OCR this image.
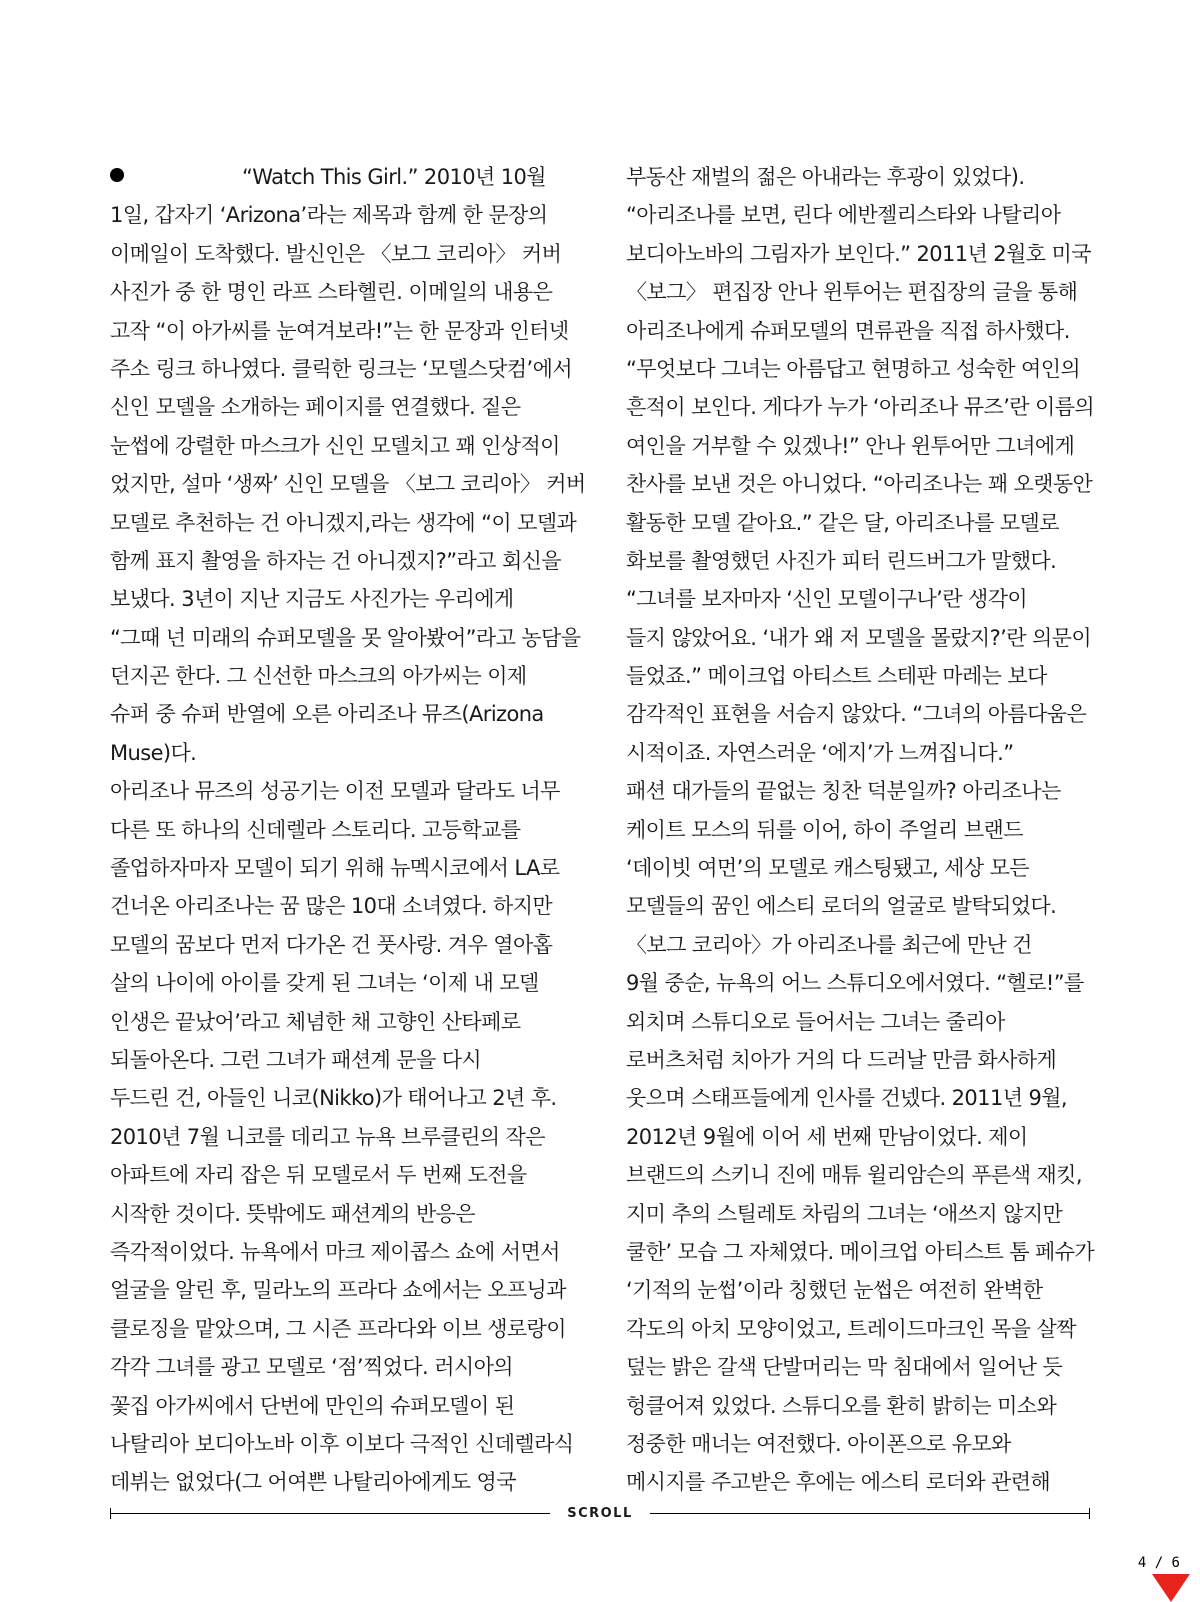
“Watch This Girl.” 2010년 10월
1일, 갑자기 ‘Arizona’라는 제목과 함께 한 문장의
이메일이 도착했다. 발신인은 〈보그 코리아〉 커버
사진가 중 한 명인 라프 스타헬린. 이메일의 내용은
고작 “이 아가씨를 눈여겨보라!”는 한 문장과 인터넷
주소 링크 하나였다. 클릭한 링크는 ‘모델스닷컴’에서
신인 모델을 소개하는 페이지를 연결했다. 짙은
눈썹에 강렬한 마스크가 신인 모델치고 꽤 인상적이
었지만, 설마 ‘생짜’ 신인 모델을 〈보그 코리아〉 커버
모델로 추천하는 건 아니겠지,라는 생각에 “이 모델과
함께 표지 촬영을 하자는 건 아니겠지?”라고 회신을
보냈다. 3년이 지난 지금도 사진가는 우리에게
“그때 넌 미래의 슈퍼모델을 못 알아봤어”라고 농담을
던지곤 한다. 그 신선한 마스크의 아가씨는 이제
슈퍼 중 슈퍼 반열에 오른 아리조나 뮤즈(Arizona
Muse)다.
아리조나 뮤즈의 성공기는 이전 모델과 달라도 너무
다른 또 하나의 신데렐라 스토리다. 고등학교를
졸업하자마자 모델이 되기 위해 뉴멕시코에서 LA로
건너온 아리조나는 꿈 많은 10대 소녀였다. 하지만
모델의 꿈보다 먼저 다가온 건 풋사랑. 겨우 열아홉
살의 나이에 아이를 갖게 된 그녀는 ‘이제 내 모델
인생은 끝났어’라고 체념한 채 고향인 산타페로
되돌아온다. 그런 그녀가 패션계 문을 다시
두드린 건, 아들인 니코(Nikko)가 태어나고 2년 후.
2010년 7월 니코를 데리고 뉴욕 브루클린의 작은
아파트에 자리 잡은 뒤 모델로서 두 번째 도전을
시작한 것이다. 뜻밖에도 패션계의 반응은
즉각적이었다. 뉴욕에서 마크 제이콥스 쇼에 서면서
얼굴을 알린 후, 밀라노의 프라다 쇼에서는 오프닝과
클로징을 맡았으며, 그 시즌 프라다와 이브 생로랑이
각각 그녀를 광고 모델로 ‘점’찍었다. 러시아의
꽃집 아가씨에서 단번에 만인의 슈퍼모델이 된
나탈리아 보디아노바 이후 이보다 극적인 신데렐라식
데뷔는 없었다(그 어여쁜 나탈리아에게도 영국
부동산 재벌의 젊은 아내라는 후광이 있었다).
“아리조나를 보면, 린다 에반젤리스타와 나탈리아
보디아노바의 그림자가 보인다.” 2011년 2월호 미국
〈보그〉 편집장 안나 윈투어는 편집장의 글을 통해
아리조나에게 슈퍼모델의 면류관을 직접 하사했다.
“무엇보다 그녀는 아름답고 현명하고 성숙한 여인의
흔적이 보인다. 게다가 누가 ‘아리조나 뮤즈’란 이름의
여인을 거부할 수 있겠나!” 안나 윈투어만 그녀에게
찬사를 보낸 것은 아니었다. “아리조나는 꽤 오랫동안
활동한 모델 같아요.” 같은 달, 아리조나를 모델로
화보를 촬영했던 사진가 피터 린드버그가 말했다.
“그녀를 보자마자 ‘신인 모델이구나’란 생각이
들지 않았어요. ‘내가 왜 저 모델을 몰랐지?’란 의문이
들었죠.” 메이크업 아티스트 스테판 마레는 보다
감각적인 표현을 서슴지 않았다. “그녀의 아름다움은
시적이죠. 자연스러운 ‘에지’가 느껴집니다.”
패션 대가들의 끝없는 칭찬 덕분일까? 아리조나는
케이트 모스의 뒤를 이어, 하이 주얼리 브랜드
‘데이빗 여먼’의 모델로 캐스팅됐고, 세상 모든
모델들의 꿈인 에스티 로더의 얼굴로 발탁되었다.
〈보그 코리아〉가 아리조나를 최근에 만난 건
9월 중순, 뉴욕의 어느 스튜디오에서였다. “헬로!”를
외치며 스튜디오로 들어서는 그녀는 줄리아
로버츠처럼 치아가 거의 다 드러날 만큼 화사하게
웃으며 스태프들에게 인사를 건넸다. 2011년 9월,
2012년 9월에 이어 세 번째 만남이었다. 제이
브랜드의 스키니 진에 매튜 윌리암슨의 푸른색 재킷,
지미 추의 스틸레토 차림의 그녀는 ‘애쓰지 않지만
쿨한’ 모습 그 자체였다. 메이크업 아티스트 톰 페슈가
‘기적의 눈썹’이라 칭했던 눈썹은 여전히 완벽한
각도의 아치 모양이었고, 트레이드마크인 목을 살짝
덮는 밝은 갈색 단발머리는 막 침대에서 일어난 듯
헝클어져 있었다. 스튜디오를 환히 밝히는 미소와
정중한 매너는 여전했다. 아이폰으로 유모와
메시지를 주고받은 후에는 에스티 로더와 관련해
SCROLL
4 / 6
